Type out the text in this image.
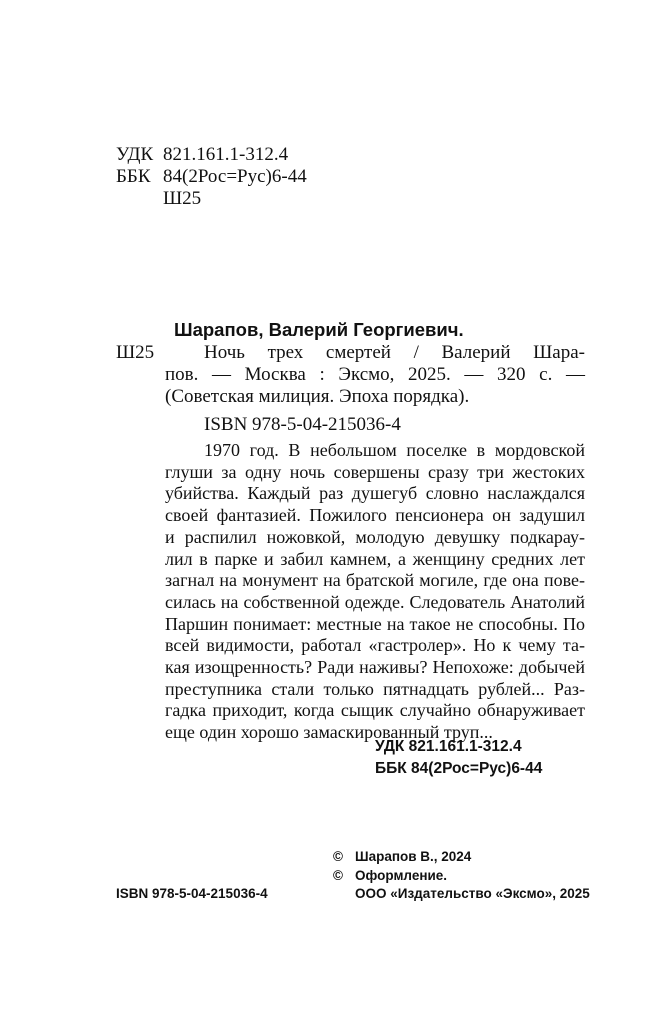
УДК 821.161.1-312.4
ББК 84(2Рос=Рус)6-44
Ш25
Шарапов, Валерий Георгиевич.
Ш25	Ночь трех смертей / Валерий Шара-
пов. — Москва : Эксмо, 2025. — 320 с. —
(Советская милиция. Эпоха порядка).
ISBN 978-5-04-215036-4
1970 год. В небольшом поселке в мордовской
глуши за одну ночь совершены сразу три жестоких
убийства. Каждый раз душегуб словно наслаждался
своей фантазией. Пожилого пенсионера он задушил
и распилил ножовкой, молодую девушку подкарау-
лил в парке и забил камнем, а женщину средних лет
загнал на монумент на братской могиле, где она пове-
силась на собственной одежде. Следователь Анатолий
Паршин понимает: местные на такое не способны. По
всей видимости, работал «гастролер». Но к чему та-
кая изощренность? Ради наживы? Непохоже: добычей
преступника стали только пятнадцать рублей... Раз-
гадка приходит, когда сыщик случайно обнаруживает
еще один хорошо замаскированный труп...
УДК 821.161.1-312.4
ББК 84(2Рос=Рус)6-44
© Шарапов В., 2024
© Оформление.
ООО «Издательство «Эксмо», 2025
ISBN 978-5-04-215036-4
